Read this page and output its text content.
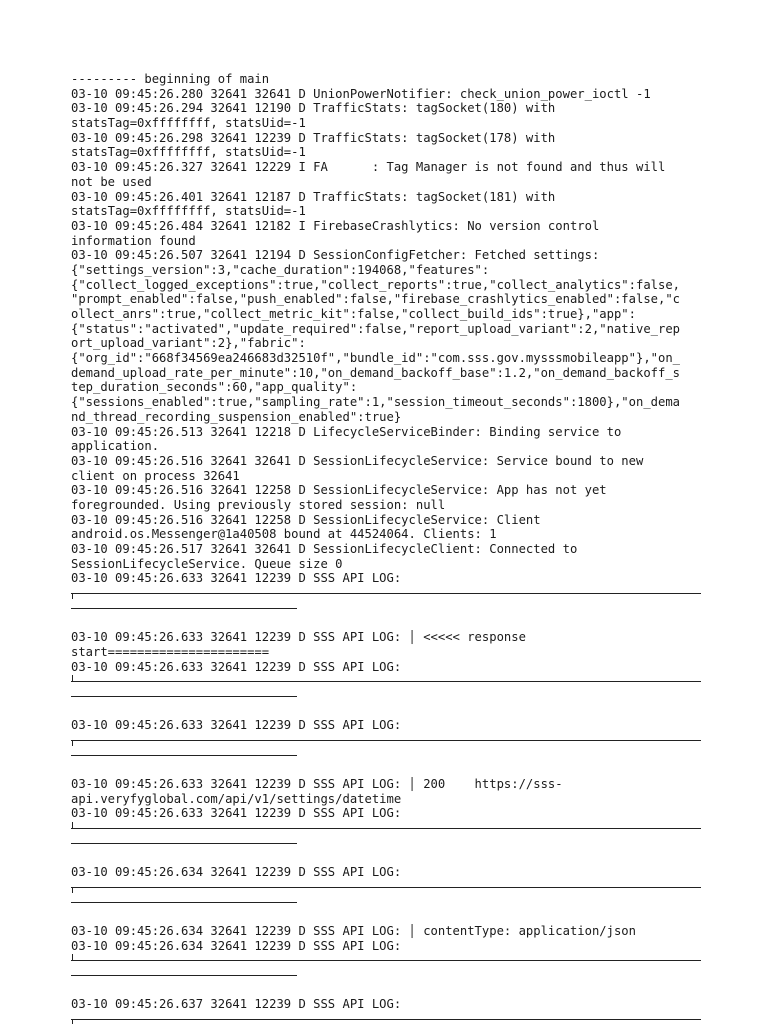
--------- beginning of main
03-10 09:45:26.280 32641 32641 D UnionPowerNotifier: check_union_power_ioctl -1
03-10 09:45:26.294 32641 12190 D TrafficStats: tagSocket(180) with
statsTag=0xffffffff, statsUid=-1
03-10 09:45:26.298 32641 12239 D TrafficStats: tagSocket(178) with
statsTag=0xffffffff, statsUid=-1
03-10 09:45:26.327 32641 12229 I FA      : Tag Manager is not found and thus will
not be used
03-10 09:45:26.401 32641 12187 D TrafficStats: tagSocket(181) with
statsTag=0xffffffff, statsUid=-1
03-10 09:45:26.484 32641 12182 I FirebaseCrashlytics: No version control
information found
03-10 09:45:26.507 32641 12194 D SessionConfigFetcher: Fetched settings:
{"settings_version":3,"cache_duration":194068,"features":
{"collect_logged_exceptions":true,"collect_reports":true,"collect_analytics":false,
"prompt_enabled":false,"push_enabled":false,"firebase_crashlytics_enabled":false,"c
ollect_anrs":true,"collect_metric_kit":false,"collect_build_ids":true},"app":
{"status":"activated","update_required":false,"report_upload_variant":2,"native_rep
ort_upload_variant":2},"fabric":
{"org_id":"668f34569ea246683d32510f","bundle_id":"com.sss.gov.mysssmobileapp"},"on_
demand_upload_rate_per_minute":10,"on_demand_backoff_base":1.2,"on_demand_backoff_s
tep_duration_seconds":60,"app_quality":
{"sessions_enabled":true,"sampling_rate":1,"session_timeout_seconds":1800},"on_dema
nd_thread_recording_suspension_enabled":true}
03-10 09:45:26.513 32641 12218 D LifecycleServiceBinder: Binding service to
application.
03-10 09:45:26.516 32641 32641 D SessionLifecycleService: Service bound to new
client on process 32641
03-10 09:45:26.516 32641 12258 D SessionLifecycleService: App has not yet
foregrounded. Using previously stored session: null
03-10 09:45:26.516 32641 12258 D SessionLifecycleService: Client
android.os.Messenger@1a40508 bound at 44524064. Clients: 1
03-10 09:45:26.517 32641 32641 D SessionLifecycleClient: Connected to
SessionLifecycleService. Queue size 0
03-10 09:45:26.633 32641 12239 D SSS API LOG:
03-10 09:45:26.633 32641 12239 D SSS API LOG: │ <<<<< response
start======================
03-10 09:45:26.633 32641 12239 D SSS API LOG:
03-10 09:45:26.633 32641 12239 D SSS API LOG:
03-10 09:45:26.633 32641 12239 D SSS API LOG: │ 200    https://sss-
api.veryfyglobal.com/api/v1/settings/datetime
03-10 09:45:26.633 32641 12239 D SSS API LOG:
03-10 09:45:26.634 32641 12239 D SSS API LOG:
03-10 09:45:26.634 32641 12239 D SSS API LOG: │ contentType: application/json
03-10 09:45:26.634 32641 12239 D SSS API LOG:
03-10 09:45:26.637 32641 12239 D SSS API LOG:
